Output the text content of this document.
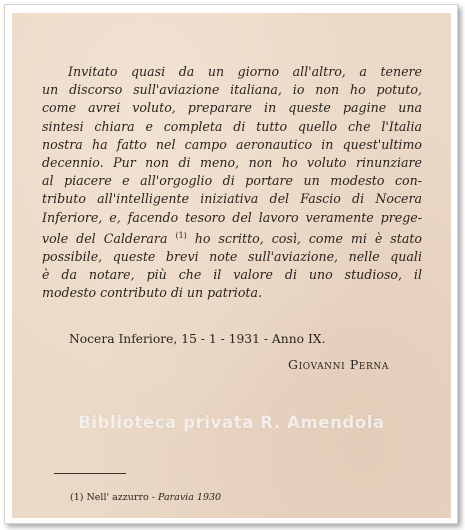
Invitato quasi da un giorno all'altro, a tenere
un discorso sull'aviazione italiana, io non ho potuto,
come avrei voluto, preparare in queste pagine una
sintesi chiara e completa di tutto quello che l'Italia
nostra ha fatto nel campo aeronautico in quest'ultimo
decennio. Pur non di meno, non ho voluto rinunziare
al piacere e all'orgoglio di portare un modesto con-
tributo all'intelligente iniziativa del Fascio di Nocera
Inferiore, e, facendo tesoro del lavoro veramente prege-
vole del Calderara $^{(1)}$ ho scritto, così, come mi è stato
possibile, queste brevi note sull'aviazione, nelle quali
è da notare, più che il valore di uno studioso, il
modesto contributo di un patriota.

Nocera Inferiore, 15 - 1 - 1931 - Anno IX.

Giovanni Perna

Biblioteca privata R. Amendola

(1) Nell' azzurro - Paravia 1930
